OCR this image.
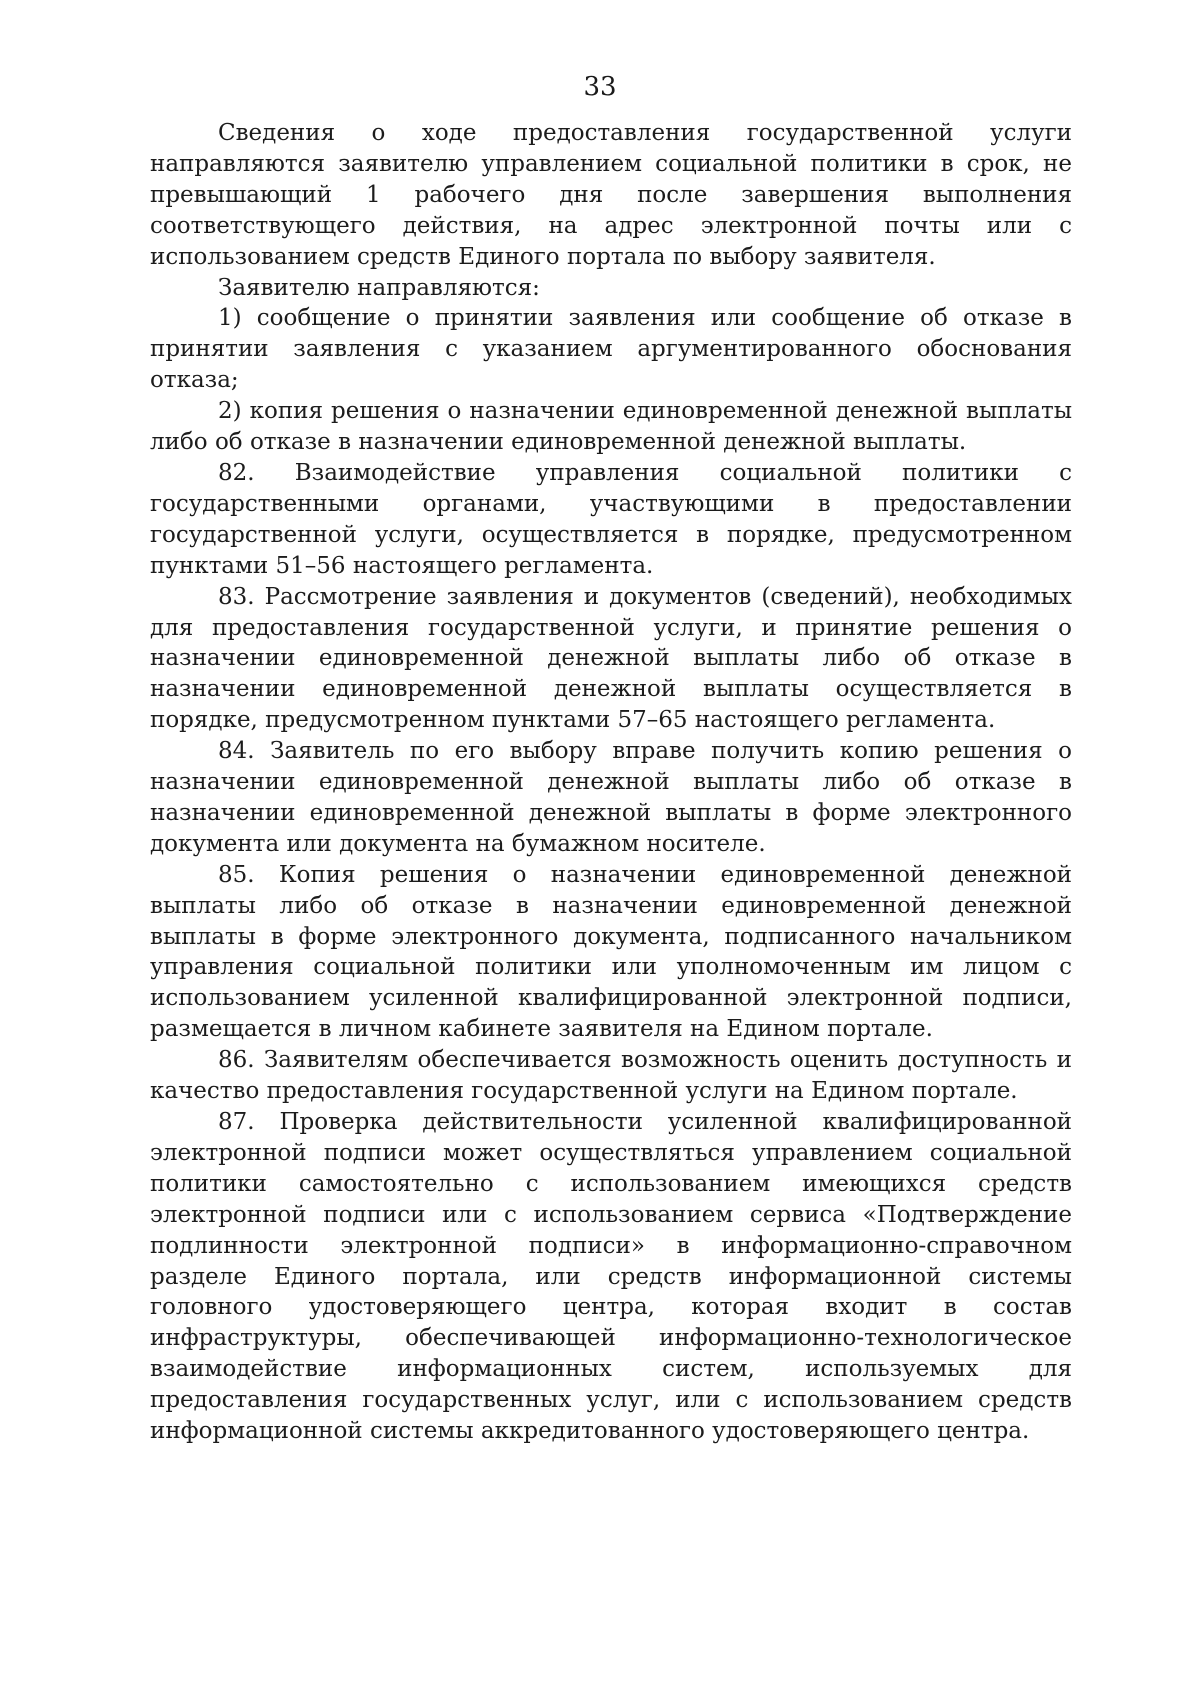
33

Сведения о ходе предоставления государственной услуги направляются заявителю управлением социальной политики в срок, не превышающий 1 рабочего дня после завершения выполнения соответствующего действия, на адрес электронной почты или с использованием средств Единого портала по выбору заявителя.

Заявителю направляются:

1) сообщение о принятии заявления или сообщение об отказе в принятии заявления с указанием аргументированного обоснования отказа;

2) копия решения о назначении единовременной денежной выплаты либо об отказе в назначении единовременной денежной выплаты.

82. Взаимодействие управления социальной политики с государственными органами, участвующими в предоставлении государственной услуги, осуществляется в порядке, предусмотренном пунктами 51–56 настоящего регламента.

83. Рассмотрение заявления и документов (сведений), необходимых для предоставления государственной услуги, и принятие решения о назначении единовременной денежной выплаты либо об отказе в назначении единовременной денежной выплаты осуществляется в порядке, предусмотренном пунктами 57–65 настоящего регламента.

84. Заявитель по его выбору вправе получить копию решения о назначении единовременной денежной выплаты либо об отказе в назначении единовременной денежной выплаты в форме электронного документа или документа на бумажном носителе.

85. Копия решения о назначении единовременной денежной выплаты либо об отказе в назначении единовременной денежной выплаты в форме электронного документа, подписанного начальником управления социальной политики или уполномоченным им лицом с использованием усиленной квалифицированной электронной подписи, размещается в личном кабинете заявителя на Едином портале.

86. Заявителям обеспечивается возможность оценить доступность и качество предоставления государственной услуги на Едином портале.

87. Проверка действительности усиленной квалифицированной электронной подписи может осуществляться управлением социальной политики самостоятельно с использованием имеющихся средств электронной подписи или с использованием сервиса «Подтверждение подлинности электронной подписи» в информационно-справочном разделе Единого портала, или средств информационной системы головного удостоверяющего центра, которая входит в состав инфраструктуры, обеспечивающей информационно-технологическое взаимодействие информационных систем, используемых для предоставления государственных услуг, или с использованием средств информационной системы аккредитованного удостоверяющего центра.
